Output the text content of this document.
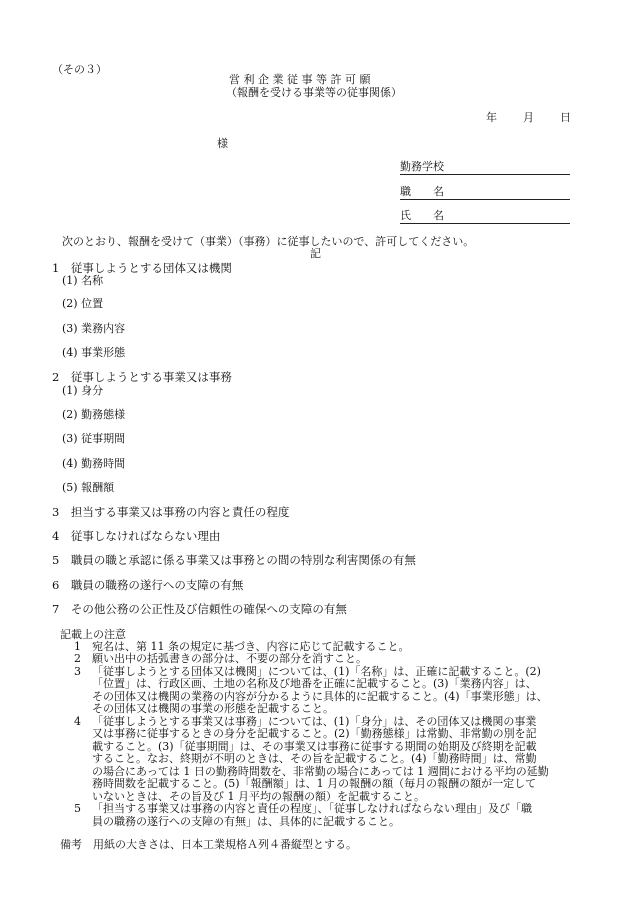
（その３）
営 利 企 業 従 事 等 許 可 願
（報酬を受ける事業等の従事関係）
年 月 日
様
勤務学校
職　　名
氏　　名
次のとおり、報酬を受けて（事業）（事務）に従事したいので、許可してください。
記
1　従事しようとする団体又は機関
(1) 名称
(2) 位置
(3) 業務内容
(4) 事業形態
2　従事しようとする事業又は事務
(1) 身分
(2) 勤務態様
(3) 従事期間
(4) 勤務時間
(5) 報酬額
3　担当する事業又は事務の内容と責任の程度
4　従事しなければならない理由
5　職員の職と承認に係る事業又は事務との間の特別な利害関係の有無
6　職員の職務の遂行への支障の有無
7　その他公務の公正性及び信頼性の確保への支障の有無
記載上の注意
1 宛名は、第 11 条の規定に基づき、内容に応じて記載すること。
2 願い出中の括弧書きの部分は、不要の部分を消すこと。
3 「従事しようとする団体又は機関」については、(1)「名称」は、正確に記載すること。(2)
「位置」は、行政区画、土地の名称及び地番を正確に記載すること。(3)「業務内容」は、
その団体又は機関の業務の内容が分かるように具体的に記載すること。(4)「事業形態」は、
その団体又は機関の事業の形態を記載すること。
4 「従事しようとする事業又は事務」については、(1)「身分」は、その団体又は機関の事業
又は事務に従事するときの身分を記載すること。(2)「勤務態様」は常勤、非常勤の別を記
載すること。(3)「従事期間」は、その事業又は事務に従事する期間の始期及び終期を記載
すること。なお、終期が不明のときは、その旨を記載すること。(4)「勤務時間」は、常勤
の場合にあっては 1 日の勤務時間数を、非常勤の場合にあっては 1 週間における平均の延勤
務時間数を記載すること。(5)「報酬額」は、1 月の報酬の額（毎月の報酬の額が一定して
いないときは、その旨及び 1 月平均の報酬の額）を記載すること。
5 「担当する事業又は事務の内容と責任の程度」、「従事しなければならない理由」及び「職
員の職務の遂行への支障の有無」は、具体的に記載すること。
備考　用紙の大きさは、日本工業規格Ａ列４番縦型とする。
